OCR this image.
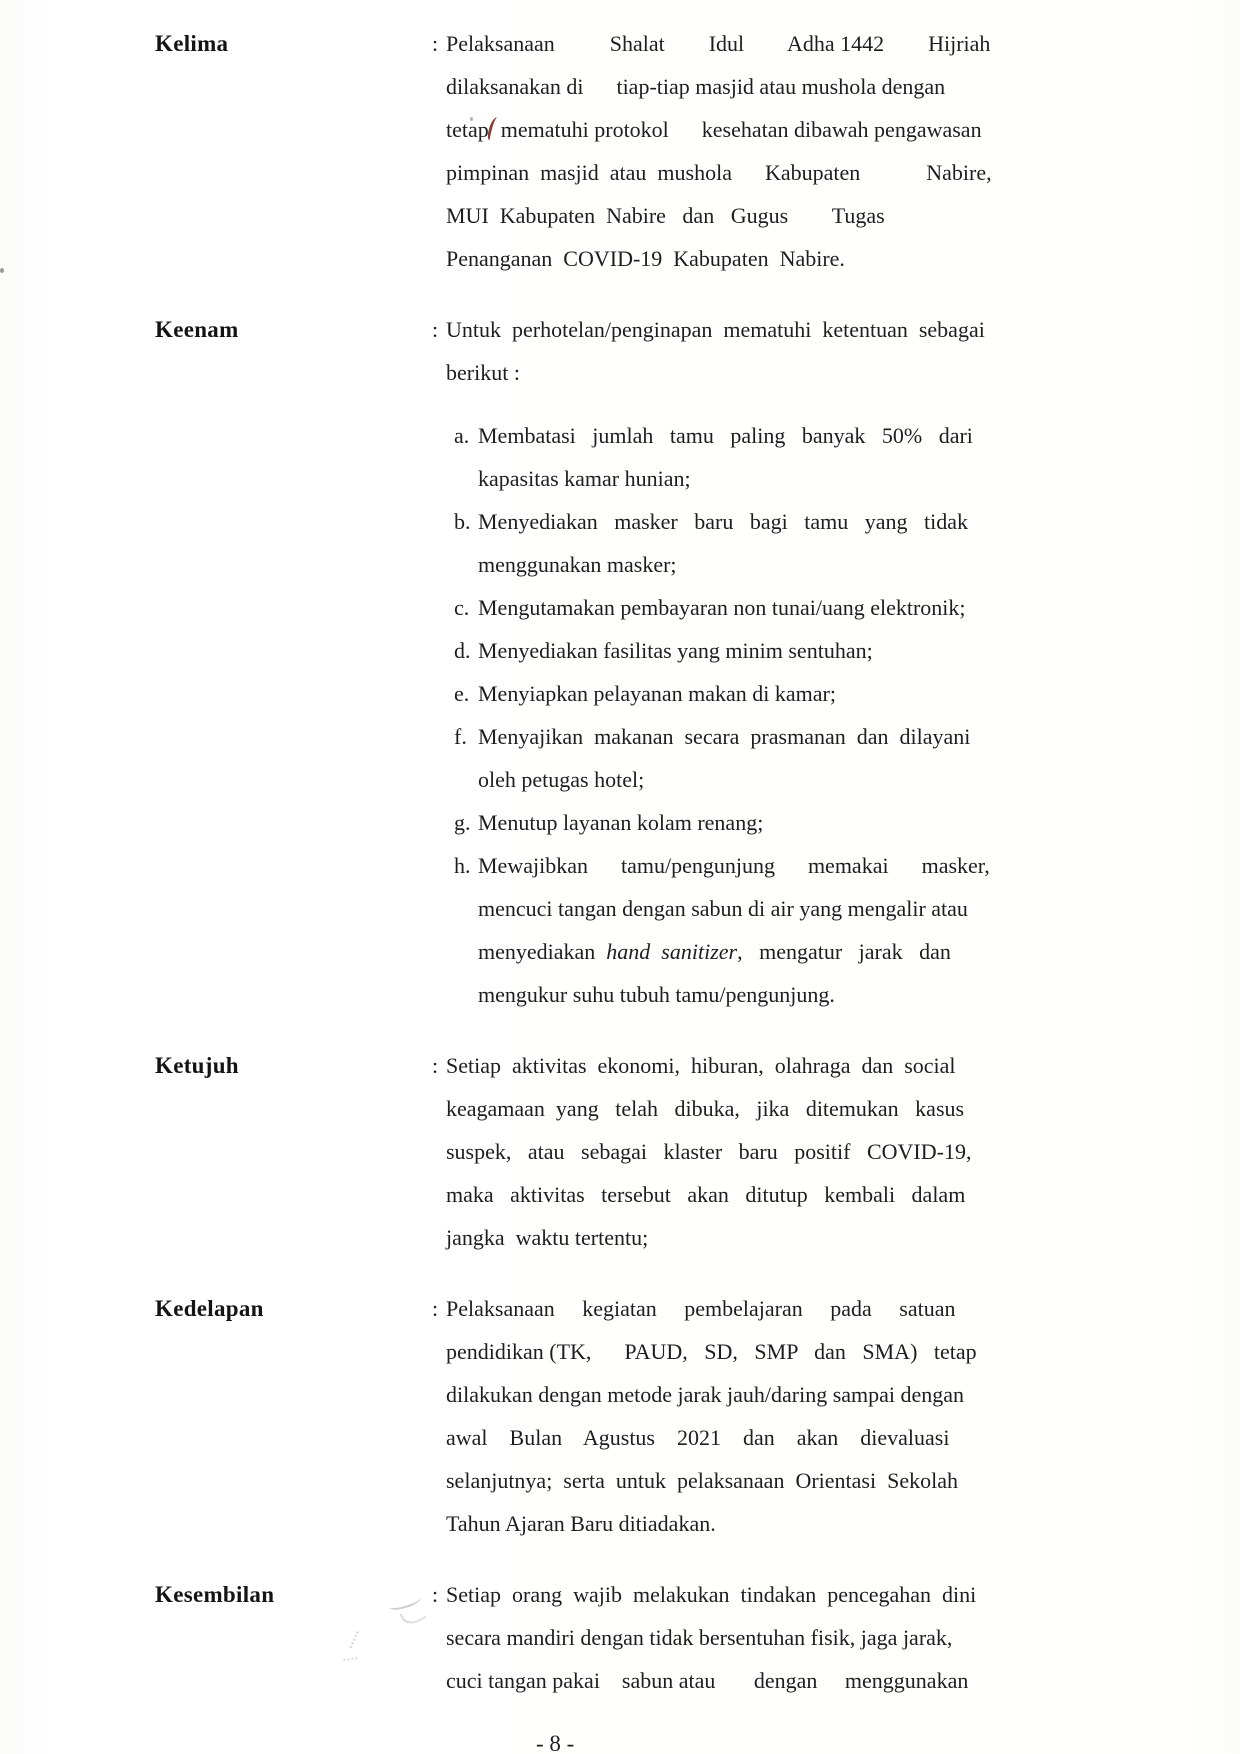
Kelima	: Pelaksanaan          Shalat        Idul        Adha 1442        Hijriah
dilaksanakan di      tiap-tiap masjid atau mushola dengan
tetap mematuhi protokol      kesehatan dibawah pengawasan
pimpinan  masjid  atau  mushola      Kabupaten            Nabire,
MUI  Kabupaten  Nabire   dan   Gugus        Tugas
Penanganan  COVID-19  Kabupaten  Nabire.
Keenam	: Untuk  perhotelan/penginapan  mematuhi  ketentuan  sebagai
berikut :
a. Membatasi   jumlah   tamu   paling   banyak   50%   dari
kapasitas kamar hunian;
b. Menyediakan   masker   baru   bagi   tamu   yang   tidak
menggunakan masker;
c. Mengutamakan pembayaran non tunai/uang elektronik;
d. Menyediakan fasilitas yang minim sentuhan;
e. Menyiapkan pelayanan makan di kamar;
f. Menyajikan  makanan  secara  prasmanan  dan  dilayani
oleh petugas hotel;
g. Menutup layanan kolam renang;
h. Mewajibkan      tamu/pengunjung      memakai      masker,
mencuci tangan dengan sabun di air yang mengalir atau
menyediakan  hand  sanitizer,   mengatur   jarak   dan
mengukur suhu tubuh tamu/pengunjung.
Ketujuh	: Setiap  aktivitas  ekonomi,  hiburan,  olahraga  dan  social
keagamaan  yang   telah   dibuka,   jika   ditemukan   kasus
suspek,   atau   sebagai   klaster   baru   positif   COVID-19,
maka   aktivitas   tersebut   akan   ditutup   kembali   dalam
jangka  waktu tertentu;
Kedelapan	: Pelaksanaan     kegiatan     pembelajaran     pada     satuan
pendidikan (TK,      PAUD,   SD,   SMP   dan   SMA)   tetap
dilakukan dengan metode jarak jauh/daring sampai dengan
awal    Bulan    Agustus    2021    dan    akan    dievaluasi
selanjutnya;  serta  untuk  pelaksanaan  Orientasi  Sekolah
Tahun Ajaran Baru ditiadakan.
Kesembilan	: Setiap  orang  wajib  melakukan  tindakan  pencegahan  dini
secara mandiri dengan tidak bersentuhan fisik, jaga jarak,
cuci tangan pakai    sabun atau       dengan     menggunakan
- 8 -
